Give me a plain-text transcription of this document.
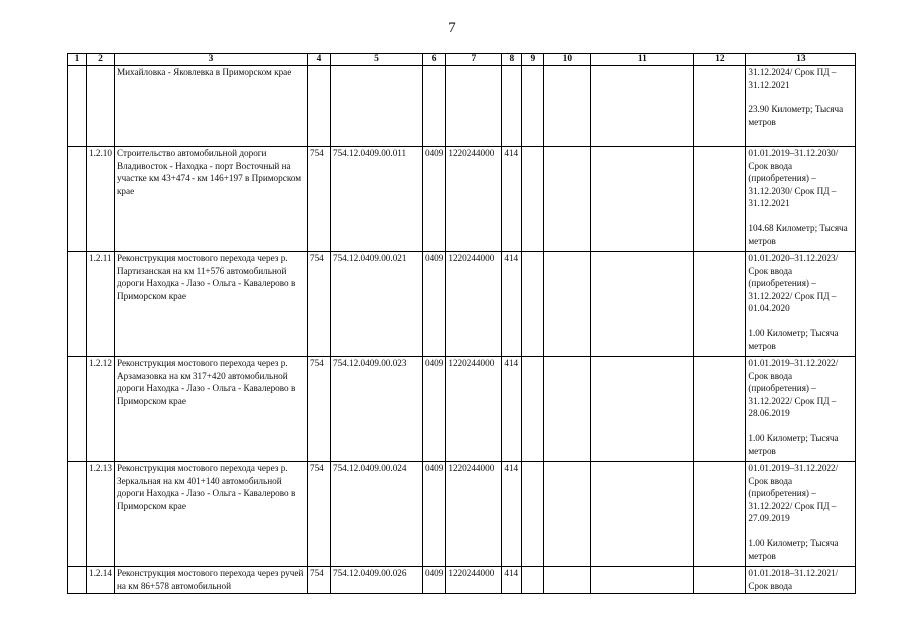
7
1	2	3	4	5	6	7	8	9	10	11	12	13
		Михайловка - Яковлевка в Приморском крае										31.12.2024/ Срок ПД – 31.12.2021
23.90 Километр; Тысяча метров
	1.2.10	Строительство автомобильной дороги Владивосток - Находка - порт Восточный на участке км 43+474 - км 146+197 в Приморском крае	754	754.12.0409.00.011	0409	1220244000	414					01.01.2019–31.12.2030/ Срок ввода (приобретения) – 31.12.2030/ Срок ПД – 31.12.2021
104.68 Километр; Тысяча метров
	1.2.11	Реконструкция мостового перехода через р. Партизанская на км 11+576 автомобильной дороги Находка - Лазо - Ольга - Кавалерово в Приморском крае	754	754.12.0409.00.021	0409	1220244000	414					01.01.2020–31.12.2023/ Срок ввода (приобретения) – 31.12.2022/ Срок ПД – 01.04.2020
1.00 Километр; Тысяча метров
	1.2.12	Реконструкция мостового перехода через р. Арзамазовка на км 317+420 автомобильной дороги Находка - Лазо - Ольга - Кавалерово в Приморском крае	754	754.12.0409.00.023	0409	1220244000	414					01.01.2019–31.12.2022/ Срок ввода (приобретения) – 31.12.2022/ Срок ПД – 28.06.2019
1.00 Километр; Тысяча метров
	1.2.13	Реконструкция мостового перехода через р. Зеркальная на км 401+140 автомобильной дороги Находка - Лазо - Ольга - Кавалерово в Приморском крае	754	754.12.0409.00.024	0409	1220244000	414					01.01.2019–31.12.2022/ Срок ввода (приобретения) – 31.12.2022/ Срок ПД – 27.09.2019
1.00 Километр; Тысяча метров
	1.2.14	Реконструкция мостового перехода через ручей на км 86+578 автомобильной	754	754.12.0409.00.026	0409	1220244000	414					01.01.2018–31.12.2021/ Срок ввода
